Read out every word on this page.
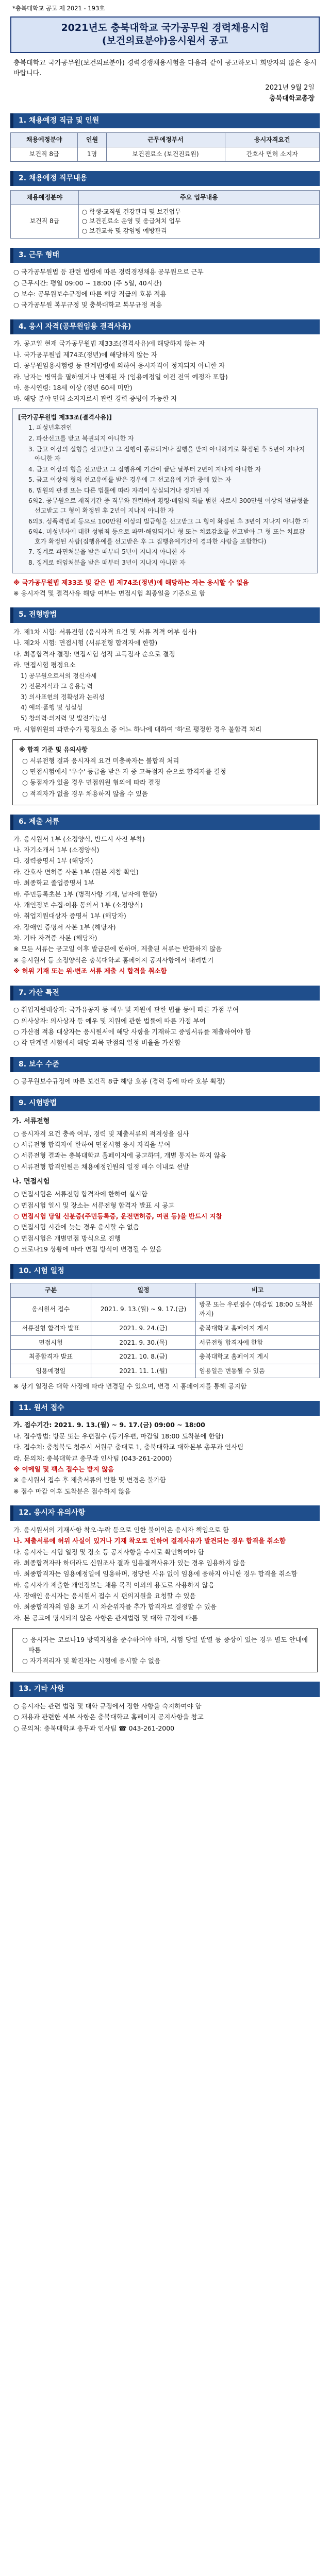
*충북대학교 공고 제 2021 - 193호
2021년도 충북대학교 국가공무원 경력채용시험
(보건의료분야)응시원서 공고
충북대학교 국가공무원(보건의료분야) 경력경쟁채용시험을 다음과 같이 공고하오니 희망자의 많은 응시 바랍니다.
2021년 9월 2일
충북대학교총장
1. 채용예정 직급 및 인원
채용예정분야	인원	근무예정부서	응시자격요건
보건직 8급	1명	보건진료소 (보건진료원)	간호사 면허 소지자
2. 채용예정 직무내용
채용예정분야	주요 업무내용
보건직 8급	○ 학생·교직원 건강관리 및 보건업무
○ 보건진료소 운영 및 응급처치 업무
○ 보건교육 및 감염병 예방관리
3. 근무 형태
○ 국가공무원법 등 관련 법령에 따른 경력경쟁채용 공무원으로 근무
○ 근무시간: 평일 09:00 ~ 18:00 (주 5일, 40시간)
○ 보수: 공무원보수규정에 따른 해당 직급의 호봉 적용
○ 국가공무원 복무규정 및 충북대학교 복무규정 적용
4. 응시 자격(공무원임용 결격사유)
가. 공고일 현재 국가공무원법 제33조(결격사유)에 해당하지 않는 자
나. 국가공무원법 제74조(정년)에 해당하지 않는 자
다. 공무원임용시험령 등 관계법령에 의하여 응시자격이 정지되지 아니한 자
라. 남자는 병역을 필하였거나 면제된 자 (임용예정일 이전 전역 예정자 포함)
마. 응시연령: 18세 이상 (정년 60세 미만)
바. 해당 분야 면허 소지자로서 관련 경력 증빙이 가능한 자
[국가공무원법 제33조(결격사유)]
1. 피성년후견인
2. 파산선고를 받고 복권되지 아니한 자
3. 금고 이상의 실형을 선고받고 그 집행이 종료되거나 집행을 받지 아니하기로 확정된 후 5년이 지나지 아니한 자
4. 금고 이상의 형을 선고받고 그 집행유예 기간이 끝난 날부터 2년이 지나지 아니한 자
5. 금고 이상의 형의 선고유예를 받은 경우에 그 선고유예 기간 중에 있는 자
6. 법원의 판결 또는 다른 법률에 따라 자격이 상실되거나 정지된 자
6의2. 공무원으로 재직기간 중 직무와 관련하여 횡령·배임의 죄를 범한 자로서 300만원 이상의 벌금형을 선고받고 그 형이 확정된 후 2년이 지나지 아니한 자
6의3. 성폭력범죄 등으로 100만원 이상의 벌금형을 선고받고 그 형이 확정된 후 3년이 지나지 아니한 자
6의4. 미성년자에 대한 성범죄 등으로 파면·해임되거나 형 또는 치료감호를 선고받아 그 형 또는 치료감호가 확정된 사람(집행유예를 선고받은 후 그 집행유예기간이 경과한 사람을 포함한다)
7. 징계로 파면처분을 받은 때부터 5년이 지나지 아니한 자
8. 징계로 해임처분을 받은 때부터 3년이 지나지 아니한 자
※ 국가공무원법 제33조 및 같은 법 제74조(정년)에 해당하는 자는 응시할 수 없음
※ 응시자격 및 결격사유 해당 여부는 면접시험 최종일을 기준으로 함
5. 전형방법
가. 제1차 시험: 서류전형 (응시자격 요건 및 서류 적격 여부 심사)
나. 제2차 시험: 면접시험 (서류전형 합격자에 한함)
다. 최종합격자 결정: 면접시험 성적 고득점자 순으로 결정
라. 면접시험 평정요소
1) 공무원으로서의 정신자세
2) 전문지식과 그 응용능력
3) 의사표현의 정확성과 논리성
4) 예의·품행 및 성실성
5) 창의력·의지력 및 발전가능성
마. 시험위원의 과반수가 평정요소 중 어느 하나에 대하여 '하'로 평정한 경우 불합격 처리
※ 합격 기준 및 유의사항
○ 서류전형 결과 응시자격 요건 미충족자는 불합격 처리
○ 면접시험에서 '우수' 등급을 받은 자 중 고득점자 순으로 합격자를 결정
○ 동점자가 있을 경우 면접위원 협의에 따라 결정
○ 적격자가 없을 경우 채용하지 않을 수 있음
6. 제출 서류
가. 응시원서 1부 (소정양식, 반드시 사진 부착)
나. 자기소개서 1부 (소정양식)
다. 경력증명서 1부 (해당자)
라. 간호사 면허증 사본 1부 (원본 지참 확인)
마. 최종학교 졸업증명서 1부
바. 주민등록초본 1부 (병적사항 기재, 남자에 한함)
사. 개인정보 수집·이용 동의서 1부 (소정양식)
아. 취업지원대상자 증명서 1부 (해당자)
자. 장애인 증명서 사본 1부 (해당자)
차. 기타 자격증 사본 (해당자)
※ 모든 서류는 공고일 이후 발급분에 한하며, 제출된 서류는 반환하지 않음
※ 응시원서 등 소정양식은 충북대학교 홈페이지 공지사항에서 내려받기
※ 허위 기재 또는 위·변조 서류 제출 시 합격을 취소함
7. 가산 특전
○ 취업지원대상자: 국가유공자 등 예우 및 지원에 관한 법률 등에 따른 가점 부여
○ 의사상자: 의사상자 등 예우 및 지원에 관한 법률에 따른 가점 부여
○ 가산점 적용 대상자는 응시원서에 해당 사항을 기재하고 증빙서류를 제출하여야 함
○ 각 단계별 시험에서 해당 과목 만점의 일정 비율을 가산함
8. 보수 수준
○ 공무원보수규정에 따른 보건직 8급 해당 호봉 (경력 등에 따라 호봉 획정)
9. 시험방법
가. 서류전형
○ 응시자격 요건 충족 여부, 경력 및 제출서류의 적격성을 심사
○ 서류전형 합격자에 한하여 면접시험 응시 자격을 부여
○ 서류전형 결과는 충북대학교 홈페이지에 공고하며, 개별 통지는 하지 않음
○ 서류전형 합격인원은 채용예정인원의 일정 배수 이내로 선발
나. 면접시험
○ 면접시험은 서류전형 합격자에 한하여 실시함
○ 면접시험 일시 및 장소는 서류전형 합격자 발표 시 공고
○ 면접시험 당일 신분증(주민등록증, 운전면허증, 여권 등)을 반드시 지참
○ 면접시험 시간에 늦는 경우 응시할 수 없음
○ 면접시험은 개별면접 방식으로 진행
○ 코로나19 상황에 따라 면접 방식이 변경될 수 있음
10. 시험 일정
구분	일정	비고
응시원서 접수	2021. 9. 13.(월) ~ 9. 17.(금)	방문 또는 우편접수 (마감일 18:00 도착분까지)
서류전형 합격자 발표	2021. 9. 24.(금)	충북대학교 홈페이지 게시
면접시험	2021. 9. 30.(목)	서류전형 합격자에 한함
최종합격자 발표	2021. 10. 8.(금)	충북대학교 홈페이지 게시
임용예정일	2021. 11. 1.(월)	임용일은 변동될 수 있음
※ 상기 일정은 대학 사정에 따라 변경될 수 있으며, 변경 시 홈페이지를 통해 공지함
11. 원서 접수
가. 접수기간: 2021. 9. 13.(월) ~ 9. 17.(금) 09:00 ~ 18:00
나. 접수방법: 방문 또는 우편접수 (등기우편, 마감일 18:00 도착분에 한함)
다. 접수처: 충청북도 청주시 서원구 충대로 1, 충북대학교 대학본부 총무과 인사팀
라. 문의처: 충북대학교 총무과 인사팀 (043-261-2000)
※ 이메일 및 팩스 접수는 받지 않음
※ 응시원서 접수 후 제출서류의 반환 및 변경은 불가함
※ 접수 마감 이후 도착분은 접수하지 않음
12. 응시자 유의사항
가. 응시원서의 기재사항 착오·누락 등으로 인한 불이익은 응시자 책임으로 함
나. 제출서류에 허위 사실이 있거나 기재 착오로 인하여 결격사유가 발견되는 경우 합격을 취소함
다. 응시자는 시험 일정 및 장소 등 공지사항을 수시로 확인하여야 함
라. 최종합격자라 하더라도 신원조사 결과 임용결격사유가 있는 경우 임용하지 않음
마. 최종합격자는 임용예정일에 임용하며, 정당한 사유 없이 임용에 응하지 아니한 경우 합격을 취소함
바. 응시자가 제출한 개인정보는 채용 목적 이외의 용도로 사용하지 않음
사. 장애인 응시자는 응시원서 접수 시 편의지원을 요청할 수 있음
아. 최종합격자의 임용 포기 시 차순위자를 추가 합격자로 결정할 수 있음
자. 본 공고에 명시되지 않은 사항은 관계법령 및 대학 규정에 따름
○ 응시자는 코로나19 방역지침을 준수하여야 하며, 시험 당일 발열 등 증상이 있는 경우 별도 안내에 따름
○ 자가격리자 및 확진자는 시험에 응시할 수 없음
13. 기타 사항
○ 응시자는 관련 법령 및 대학 규정에서 정한 사항을 숙지하여야 함
○ 채용과 관련한 세부 사항은 충북대학교 홈페이지 공지사항을 참고
○ 문의처: 충북대학교 총무과 인사팀 ☎ 043-261-2000
